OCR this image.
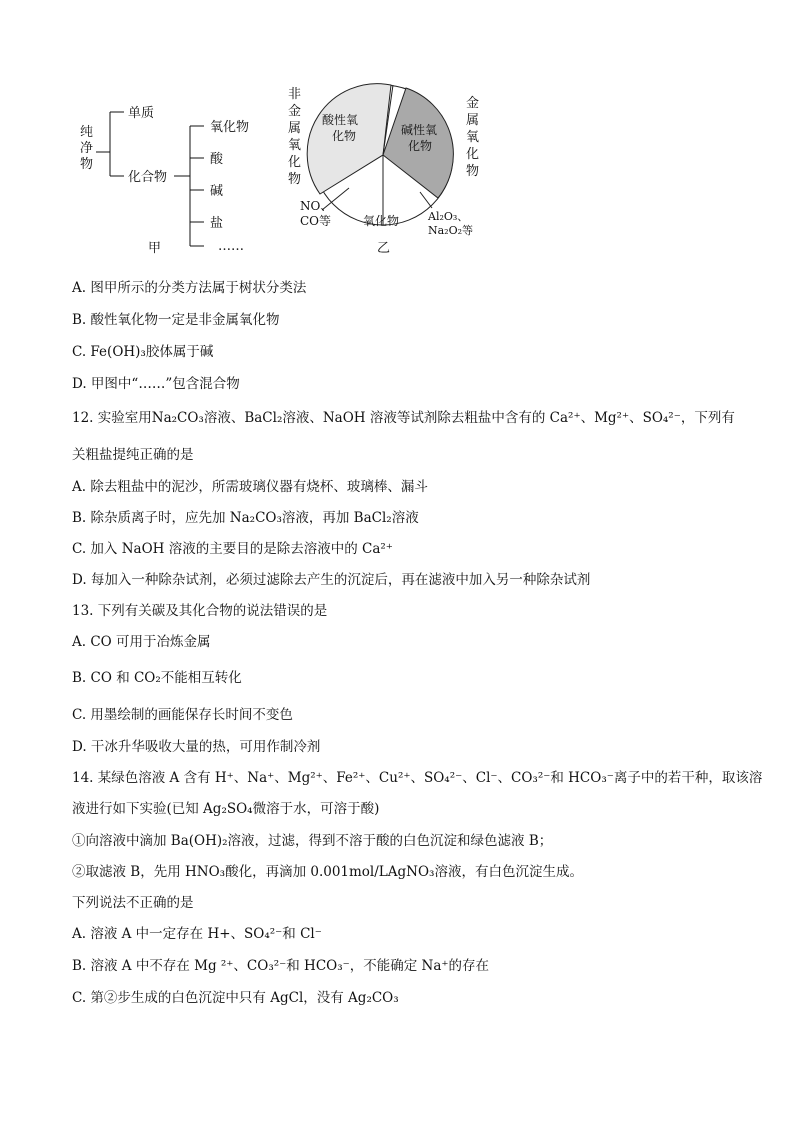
纯
净
物
单质
化合物
氧化物
酸
碱
盐
……
甲
酸性氧
化物	碱性氧
化物
非
金
属
氧
化
物
金
属
氧
化
物
NO、
CO等	Al₂O₃、
Na₂O₂等
氧化物
乙
A. 图甲所示的分类方法属于树状分类法
B. 酸性氧化物一定是非金属氧化物
C. Fe(OH)₃胶体属于碱
D. 甲图中“……”包含混合物
12. 实验室用Na₂CO₃溶液、BaCl₂溶液、NaOH 溶液等试剂除去粗盐中含有的 Ca²⁺、Mg²⁺、SO₄²⁻，下列有
关粗盐提纯正确的是
A. 除去粗盐中的泥沙，所需玻璃仪器有烧杯、玻璃棒、漏斗
B. 除杂质离子时，应先加 Na₂CO₃溶液，再加 BaCl₂溶液
C. 加入 NaOH 溶液的主要目的是除去溶液中的 Ca²⁺
D. 每加入一种除杂试剂，必须过滤除去产生的沉淀后，再在滤液中加入另一种除杂试剂
13. 下列有关碳及其化合物的说法错误的是
A. CO 可用于冶炼金属
B. CO 和 CO₂不能相互转化
C. 用墨绘制的画能保存长时间不变色
D. 干冰升华吸收大量的热，可用作制冷剂
14. 某绿色溶液 A 含有 H⁺、Na⁺、Mg²⁺、Fe²⁺、Cu²⁺、SO₄²⁻、Cl⁻、CO₃²⁻和 HCO₃⁻离子中的若干种，取该溶
液进行如下实验(已知 Ag₂SO₄微溶于水，可溶于酸)
①向溶液中滴加 Ba(OH)₂溶液，过滤，得到不溶于酸的白色沉淀和绿色滤液 B；
②取滤液 B，先用 HNO₃酸化，再滴加 0.001mol/LAgNO₃溶液，有白色沉淀生成。
下列说法不正确的是
A. 溶液 A 中一定存在 H+、SO₄²⁻和 Cl⁻
B. 溶液 A 中不存在 Mg ²⁺、CO₃²⁻和 HCO₃⁻，不能确定 Na⁺的存在
C. 第②步生成的白色沉淀中只有 AgCl，没有 Ag₂CO₃
